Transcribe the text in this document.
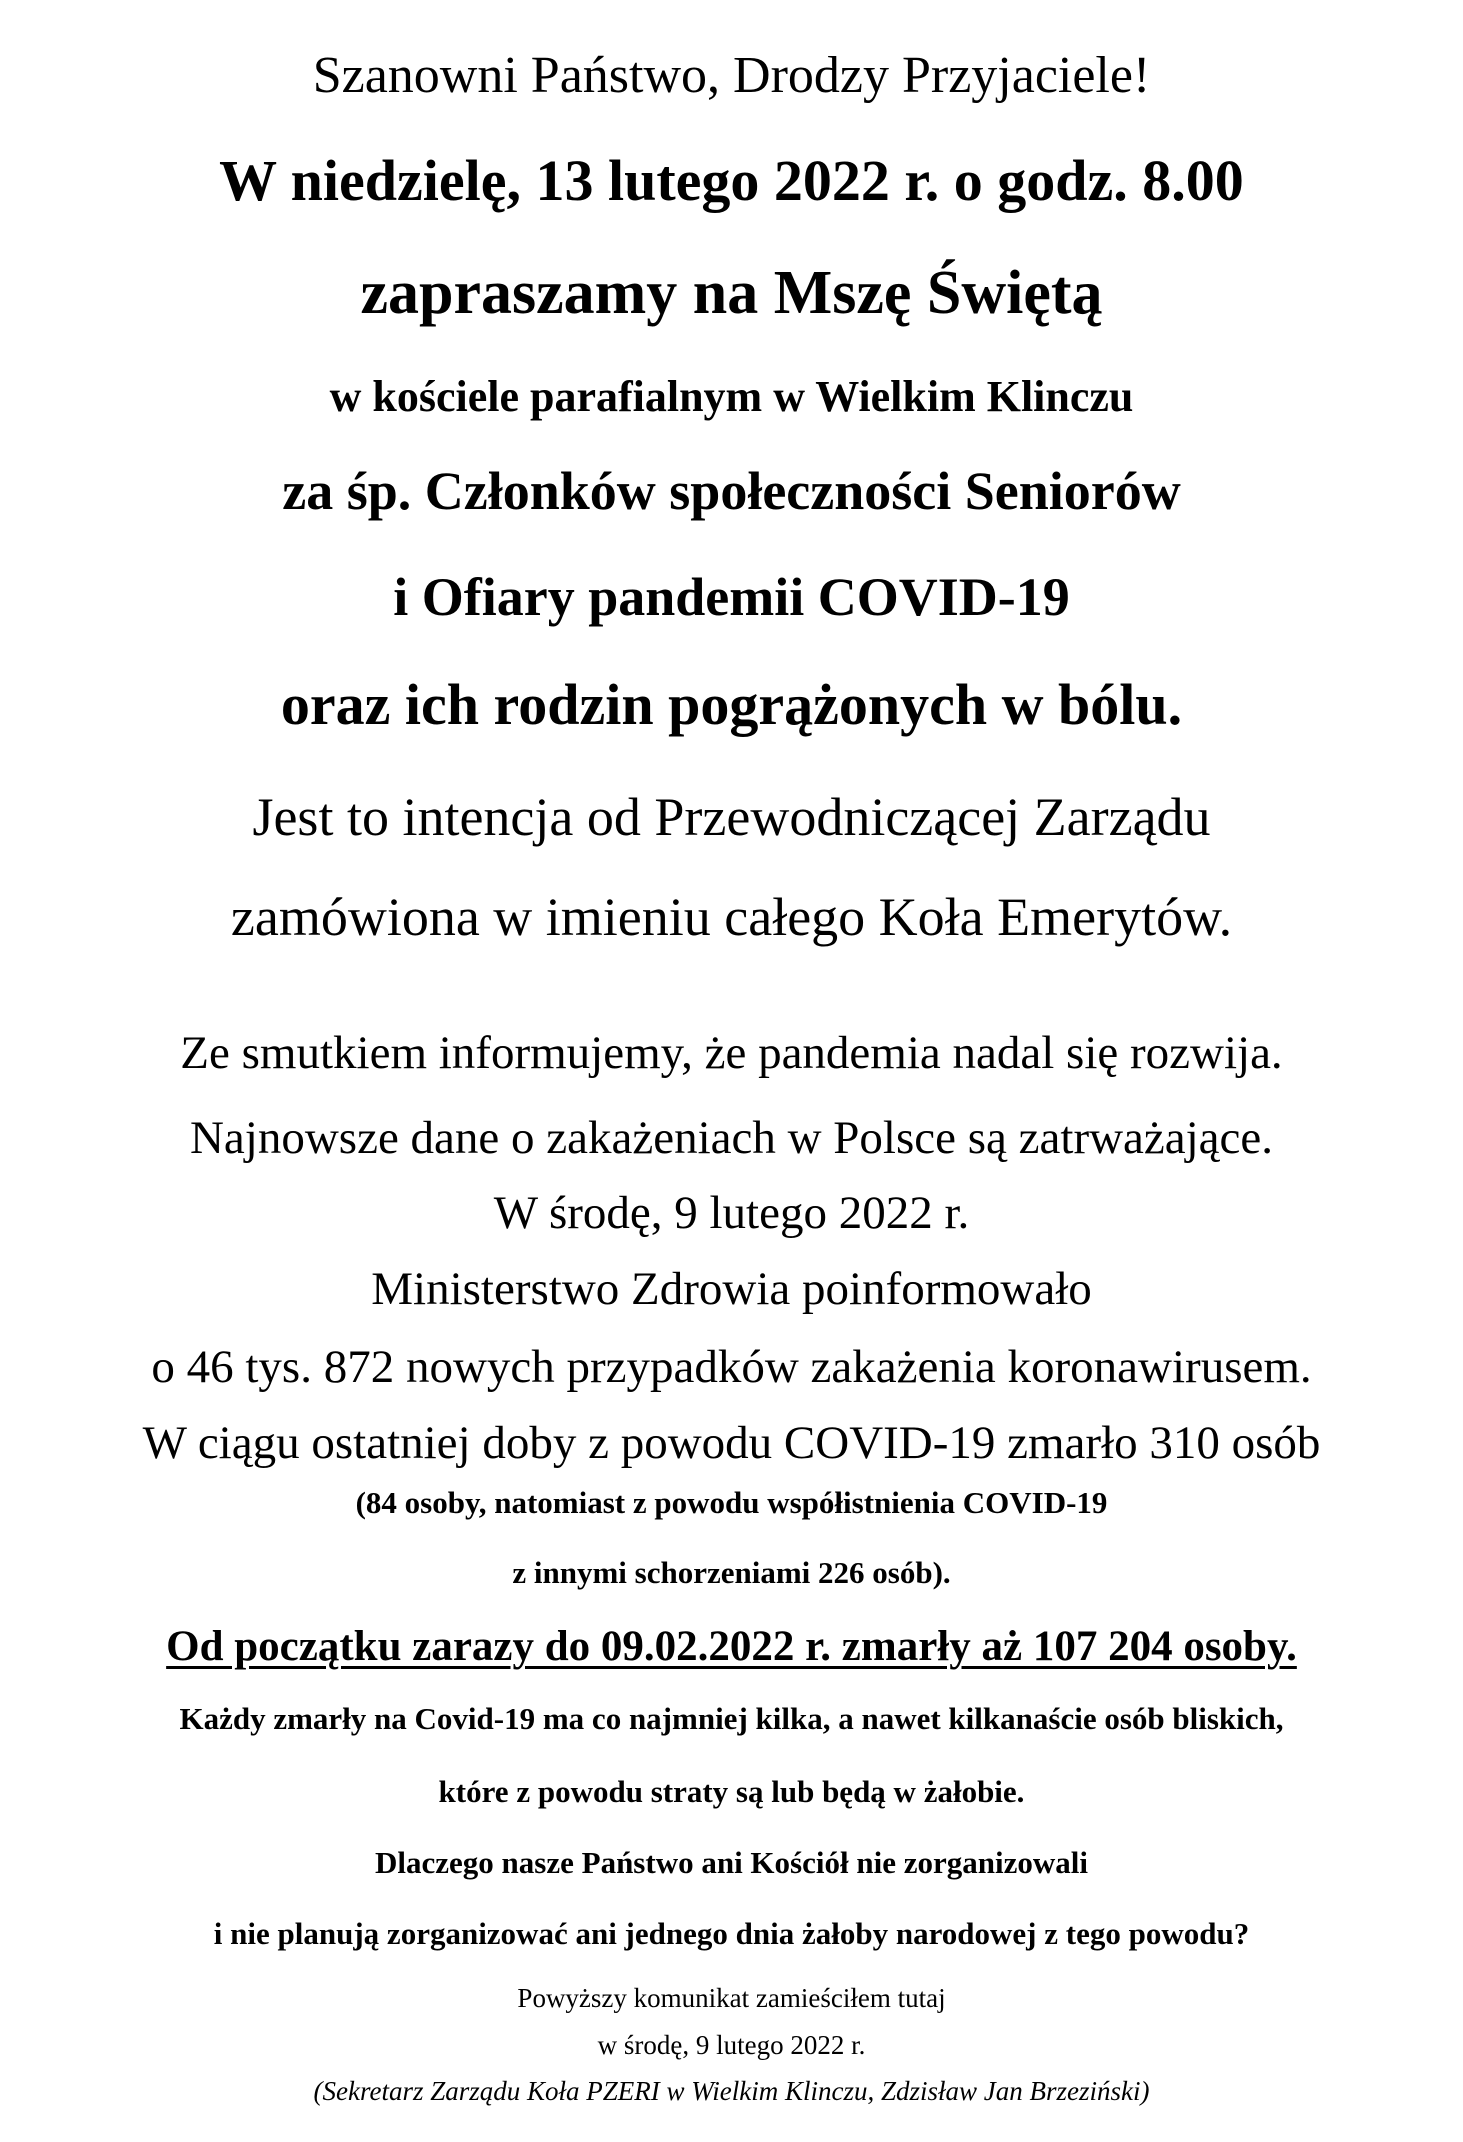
Szanowni Państwo, Drodzy Przyjaciele!
W niedzielę, 13 lutego 2022 r. o godz. 8.00
zapraszamy na Mszę Świętą
w kościele parafialnym w Wielkim Klinczu
za śp. Członków społeczności Seniorów
i Ofiary pandemii COVID-19
oraz ich rodzin pogrążonych w bólu.
Jest to intencja od Przewodniczącej Zarządu
zamówiona w imieniu całego Koła Emerytów.
Ze smutkiem informujemy, że pandemia nadal się rozwija.
Najnowsze dane o zakażeniach w Polsce są zatrważające.
W środę, 9 lutego 2022 r.
Ministerstwo Zdrowia poinformowało
o 46 tys. 872 nowych przypadków zakażenia koronawirusem.
W ciągu ostatniej doby z powodu COVID-19 zmarło 310 osób
(84 osoby, natomiast z powodu współistnienia COVID-19
z innymi schorzeniami 226 osób).
Od początku zarazy do 09.02.2022 r. zmarły aż 107 204 osoby.
Każdy zmarły na Covid-19 ma co najmniej kilka, a nawet kilkanaście osób bliskich,
które z powodu straty są lub będą w żałobie.
Dlaczego nasze Państwo ani Kościół nie zorganizowali
i nie planują zorganizować ani jednego dnia żałoby narodowej z tego powodu?
Powyższy komunikat zamieściłem tutaj
w środę, 9 lutego 2022 r.
(Sekretarz Zarządu Koła PZERI w Wielkim Klinczu, Zdzisław Jan Brzeziński)
